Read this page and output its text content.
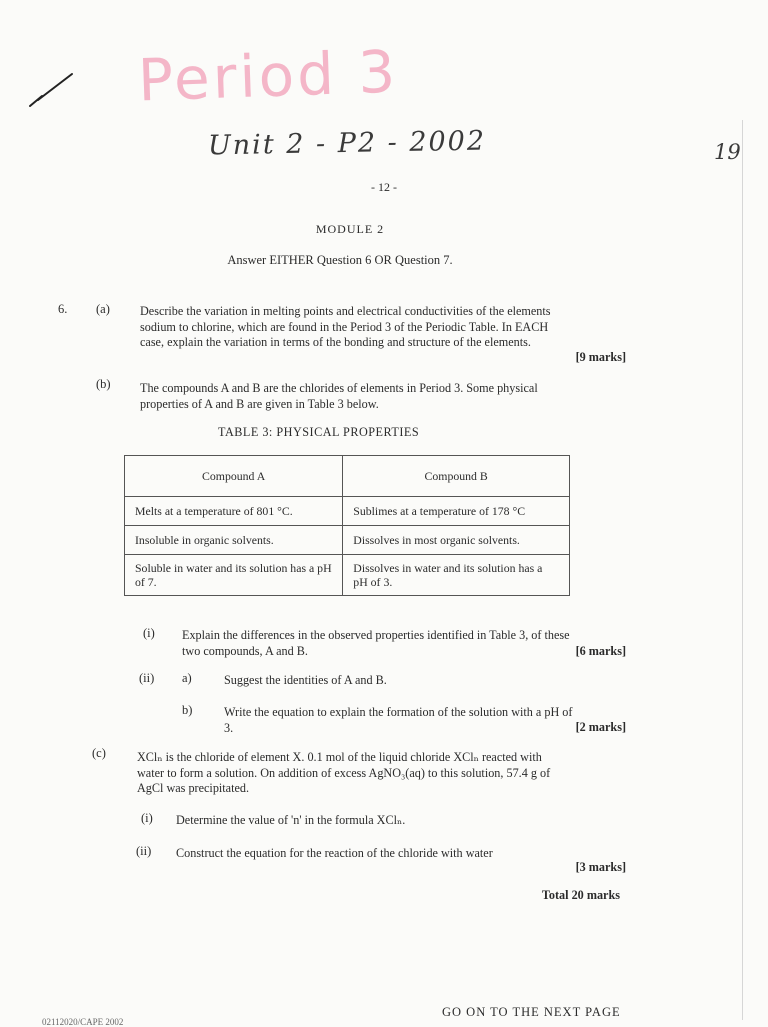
Period 3
Unit 2 - P2 - 2002	19
- 12 -
MODULE 2
Answer EITHER Question 6 OR Question 7.
6. (a) Describe the variation in melting points and electrical conductivities of the elements
sodium to chlorine, which are found in the Period 3 of the Periodic Table. In EACH
case, explain the variation in terms of the bonding and structure of the elements.
[9 marks]
(b) The compounds A and B are the chlorides of elements in Period 3. Some physical
properties of A and B are given in Table 3 below.
TABLE 3: PHYSICAL PROPERTIES
Compound A	Compound B
Melts at a temperature of 801 °C.	Sublimes at a temperature of 178 °C
Insoluble in organic solvents.	Dissolves in most organic solvents.
Soluble in water and its solution has a pH of 7.	Dissolves in water and its solution has a pH of 3.
(i) Explain the differences in the observed properties identified in Table 3, of these
two compounds, A and B.	[6 marks]
(ii) a)	Suggest the identities of A and B.
b)	Write the equation to explain the formation of the solution with a pH of
3.	[2 marks]
(c)	XClₙ is the chloride of element X. 0.1 mol of the liquid chloride XClₙ reacted with
water to form a solution. On addition of excess AgNO₃(aq) to this solution, 57.4 g of
AgCl was precipitated.
(i) Determine the value of 'n' in the formula XClₙ.
(ii) Construct the equation for the reaction of the chloride with water
[3 marks]
Total 20 marks
GO ON TO THE NEXT PAGE
02112020/CAPE 2002
